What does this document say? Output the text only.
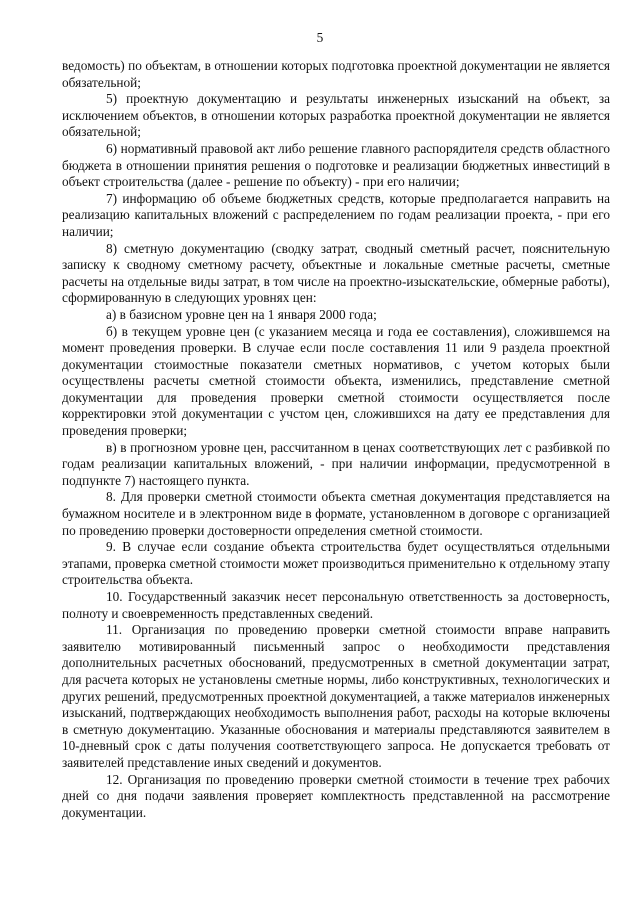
5

ведомость) по объектам, в отношении которых подготовка проектной документации не является обязательной;

5) проектную документацию и результаты инженерных изысканий на объект, за исключением объектов, в отношении которых разработка проектной документации не является обязательной;

6) нормативный правовой акт либо решение главного распорядителя средств областного бюджета в отношении принятия решения о подготовке и реализации бюджетных инвестиций в объект строительства (далее - решение по объекту) - при его наличии;

7) информацию об объеме бюджетных средств, которые предполагается направить на реализацию капитальных вложений с распределением по годам реализации проекта, - при его наличии;

8) сметную документацию (сводку затрат, сводный сметный расчет, пояснительную записку к сводному сметному расчету, объектные и локальные сметные расчеты, сметные расчеты на отдельные виды затрат, в том числе на проектно-изыскательские, обмерные работы), сформированную в следующих уровнях цен:

а) в базисном уровне цен на 1 января 2000 года;

б) в текущем уровне цен (с указанием месяца и года ее составления), сложившемся на момент проведения проверки. В случае если после составления 11 или 9 раздела проектной документации стоимостные показатели сметных нормативов, с учетом которых были осуществлены расчеты сметной стоимости объекта, изменились, представление сметной документации для проведения проверки сметной стоимости осуществляется после корректировки этой документации с учстом цен, сложившихся на дату ее представления для проведения проверки;

в) в прогнозном уровне цен, рассчитанном в ценах соответствующих лет с разбивкой по годам реализации капитальных вложений, - при наличии информации, предусмотренной в подпункте 7) настоящего пункта.

8. Для проверки сметной стоимости объекта сметная документация представляется на бумажном носителе и в электронном виде в формате, установленном в договоре с организацией по проведению проверки достоверности определения сметной стоимости.

9. В случае если создание объекта строительства будет осуществляться отдельными этапами, проверка сметной стоимости может производиться применительно к отдельному этапу строительства объекта.

10. Государственный заказчик несет персональную ответственность за достоверность, полноту и своевременность представленных сведений.

11. Организация по проведению проверки сметной стоимости вправе направить заявителю мотивированный письменный запрос о необходимости представления дополнительных расчетных обоснований, предусмотренных в сметной документации затрат, для расчета которых не установлены сметные нормы, либо конструктивных, технологических и других решений, предусмотренных проектной документацией, а также материалов инженерных изысканий, подтверждающих необходимость выполнения работ, расходы на которые включены в сметную документацию. Указанные обоснования и материалы представляются заявителем в 10-дневный срок с даты получения соответствующего запроса. Не допускается требовать от заявителей представление иных сведений и документов.

12. Организация по проведению проверки сметной стоимости в течение трех рабочих дней со дня подачи заявления проверяет комплектность представленной на рассмотрение документации.
